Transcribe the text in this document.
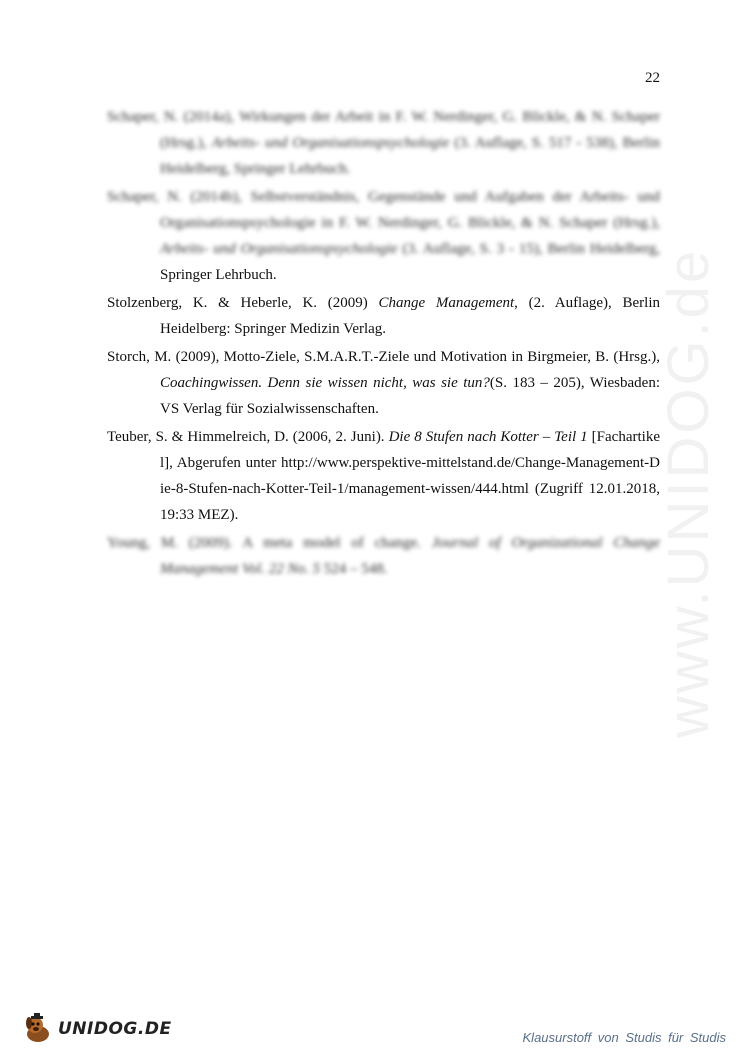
22
www.UNIDOG.de

Schaper, N. (2014a), Wirkungen der Arbeit in F. W. Nerdinger, G. Blickle, & N. Schaper (Hrsg.), Arbeits- und Organisationspsychologie (3. Auflage, S. 517 - 538), Berlin Heidelberg, Springer Lehrbuch.

Schaper, N. (2014b), Selbstverständnis, Gegenstände und Aufgaben der Arbeits- und Organisationspsychologie in F. W. Nerdinger, G. Blickle, & N. Schaper (Hrsg.), Arbeits- und Organisationspsychologie (3. Auflage, S. 3 - 15), Berlin Heidelberg, Springer Lehrbuch.

Stolzenberg, K. & Heberle, K. (2009) Change Management, (2. Auflage), Berlin Heidelberg: Springer Medizin Verlag.

Storch, M. (2009), Motto-Ziele, S.M.A.R.T.-Ziele und Motivation in Birgmeier, B. (Hrsg.), Coachingwissen. Denn sie wissen nicht, was sie tun?(S. 183 – 205), Wiesbaden: VS Verlag für Sozialwissenschaften.

Teuber, S. & Himmelreich, D. (2006, 2. Juni). Die 8 Stufen nach Kotter – Teil 1 [Fachartikel], Abgerufen unter http://www.perspektive-mittelstand.de/Change-Management-Die-8-Stufen-nach-Kotter-Teil-1/management-wissen/444.html (Zugriff 12.01.2018, 19:33 MEZ).

Young, M. (2009). A meta model of change. Journal of Organizational Change Management Vol. 22 No. 5 524 – 548.

UNIDOG.DE	Klausurstoff von Studis für Studis
